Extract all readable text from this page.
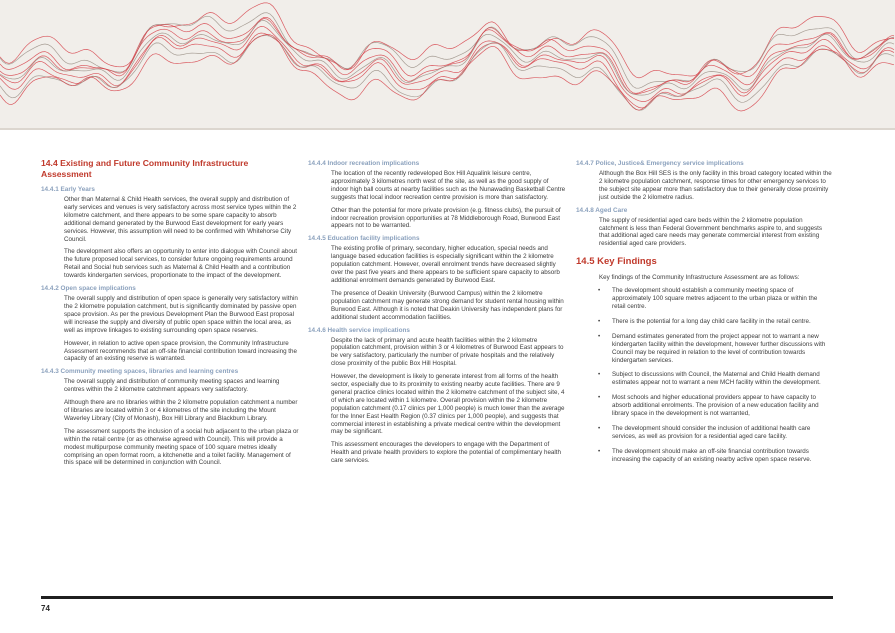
14.4 Existing and Future Community Infrastructure Assessment
14.4.1 Early Years

Other than Maternal & Child Health services, the overall supply and distribution of early services and venues is very satisfactory across most service types within the 2 kilometre catchment, and there appears to be some spare capacity to absorb additional demand generated by the Burwood East development for early years services. However, this assumption will need to be confirmed with Whitehorse City Council.

The development also offers an opportunity to enter into dialogue with Council about the future proposed local services, to consider future ongoing requirements around Retail and Social hub services such as Maternal & Child Health and a contribution towards kindergarten services, proportionate to the impact of the development.

14.4.2 Open space implications

The overall supply and distribution of open space is generally very satisfactory within the 2 kilometre population catchment, but is significantly dominated by passive open space provision. As per the previous Development Plan the Burwood East proposal will increase the supply and diversity of public open space within the local area, as well as improve linkages to existing surrounding open space reserves.

However, in relation to active open space provision, the Community Infrastructure Assessment recommends that an off-site financial contribution toward increasing the capacity of an existing reserve is warranted.

14.4.3 Community meeting spaces, libraries and learning centres

The overall supply and distribution of community meeting spaces and learning centres within the 2 kilometre catchment appears very satisfactory.

Although there are no libraries within the 2 kilometre population catchment a number of libraries are located within 3 or 4 kilometres of the site including the Mount Waverley Library (City of Monash), Box Hill Library and Blackburn Library.

The assessment supports the inclusion of a social hub adjacent to the urban plaza or within the retail centre (or as otherwise agreed with Council). This will provide a modest multipurpose community meeting space of 100 square metres ideally comprising an open format room, a kitchenette and a toilet facility. Management of this space will be determined in conjunction with Council.

14.4.4 Indoor recreation implications

The location of the recently redeveloped Box Hill Aqualink leisure centre, approximately 3 kilometres north west of the site, as well as the good supply of indoor high ball courts at nearby facilities such as the Nunawading Basketball Centre suggests that local indoor recreation centre provision is more than satisfactory.

Other than the potential for more private provision (e.g. fitness clubs), the pursuit of indoor recreation provision opportunities at 78 Middleborough Road, Burwood East appears not to be warranted.

14.4.5 Education facility implications

The existing profile of primary, secondary, higher education, special needs and language based education facilities is especially significant within the 2 kilometre population catchment. However, overall enrolment trends have decreased slightly over the past five years and there appears to be sufficient spare capacity to absorb additional enrolment demands generated by Burwood East.

The presence of Deakin University (Burwood Campus) within the 2 kilometre population catchment may generate strong demand for student rental housing within Burwood East. Although it is noted that Deakin University has independent plans for additional student accommodation facilities.

14.4.6 Health service implications

Despite the lack of primary and acute health facilities within the 2 kilometre population catchment, provision within 3 or 4 kilometres of Burwood East appears to be very satisfactory, particularly the number of private hospitals and the relatively close proximity of the public Box Hill Hospital.

However, the development is likely to generate interest from all forms of the health sector, especially due to its proximity to existing nearby acute facilities. There are 9 general practice clinics located within the 2 kilometre catchment of the subject site, 4 of which are located within 1 kilometre. Overall provision within the 2 kilometre population catchment (0.17 clinics per 1,000 people) is much lower than the average for the Inner East Health Region (0.37 clinics per 1,000 people), and suggests that commercial interest in establishing a private medical centre within the development may be significant.

This assessment encourages the developers to engage with the Department of Health and private health providers to explore the potential of complimentary health care services.

14.4.7 Police, Justice& Emergency service implications

Although the Box Hill SES is the only facility in this broad category located within the 2 kilometre population catchment, response times for other emergency services to the subject site appear more than satisfactory due to their generally close proximity just outside the 2 kilometre radius.

14.4.8 Aged Care

The supply of residential aged care beds within the 2 kilometre population catchment is less than Federal Government benchmarks aspire to, and suggests that additional aged care needs may generate commercial interest from existing residential aged care providers.

14.5 Key Findings

Key findings of the Community Infrastructure Assessment are as follows:

• The development should establish a community meeting space of approximately 100 square metres adjacent to the urban plaza or within the retail centre.
• There is the potential for a long day child care facility in the retail centre.
• Demand estimates generated from the project appear not to warrant a new kindergarten facility within the development, however further discussions with Council may be required in relation to the level of contribution towards kindergarten services.
• Subject to discussions with Council, the Maternal and Child Health demand estimates appear not to warrant a new MCH facility within the development.
• Most schools and higher educational providers appear to have capacity to absorb additional enrolments. The provision of a new education facility and library space in the development is not warranted,
• The development should consider the inclusion of additional health care services, as well as provision for a residential aged care facility.
• The development should make an off-site financial contribution towards increasing the capacity of an existing nearby active open space reserve.
74
